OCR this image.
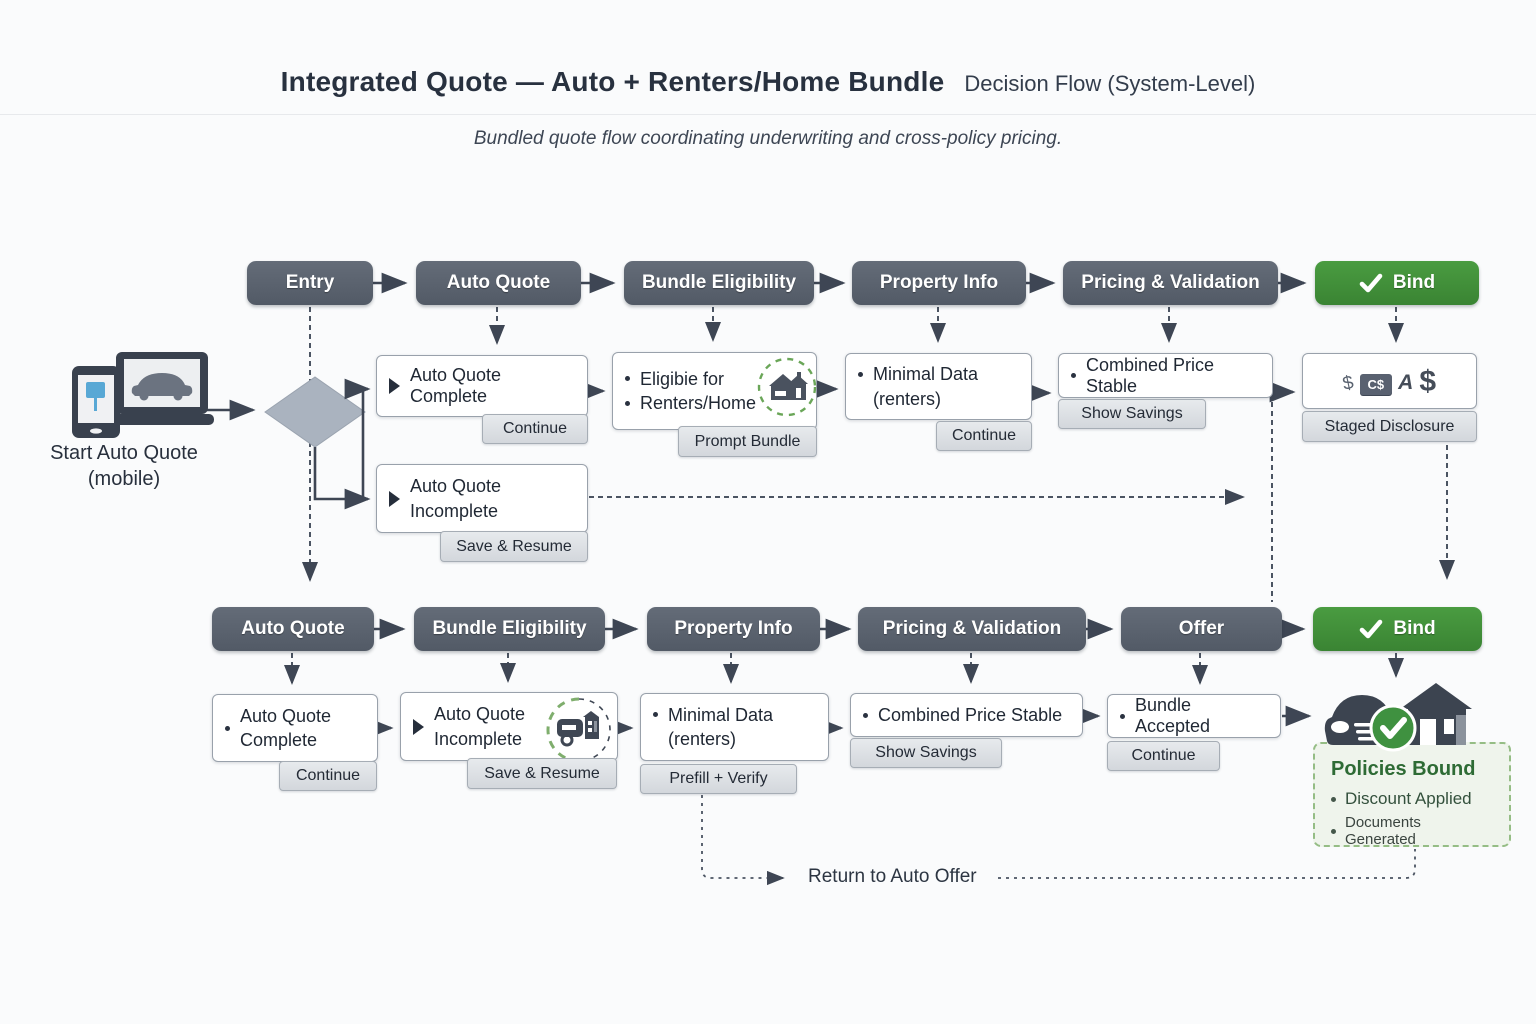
Integrated Quote — Auto + Renters/Home Bundle Decision Flow (System-Level)
Bundled quote flow coordinating underwriting and cross-policy pricing.
Start Auto Quote
(mobile)
Entry	Auto Quote	Bundle Eligibility	Property Info	Pricing & Validation	Bind
Auto Quote Complete
Continue
Eligibie for
Renters/Home
Prompt Bundle
Minimal Data
(renters)
Continue
Combined Price Stable
Show Savings
$ C$ A $
Staged Disclosure
Auto Quote
Incomplete
Save & Resume
Auto Quote	Bundle Eligibility	Property Info	Pricing & Validation	Offer	Bind
Auto Quote
Complete
Continue
Auto Quote
Incomplete
Save & Resume
Minimal Data
(renters)
Prefill + Verify
Combined Price Stable
Show Savings
Bundle Accepted
Continue
Policies Bound
Discount Applied
Documents Generated
Return to Auto Offer
